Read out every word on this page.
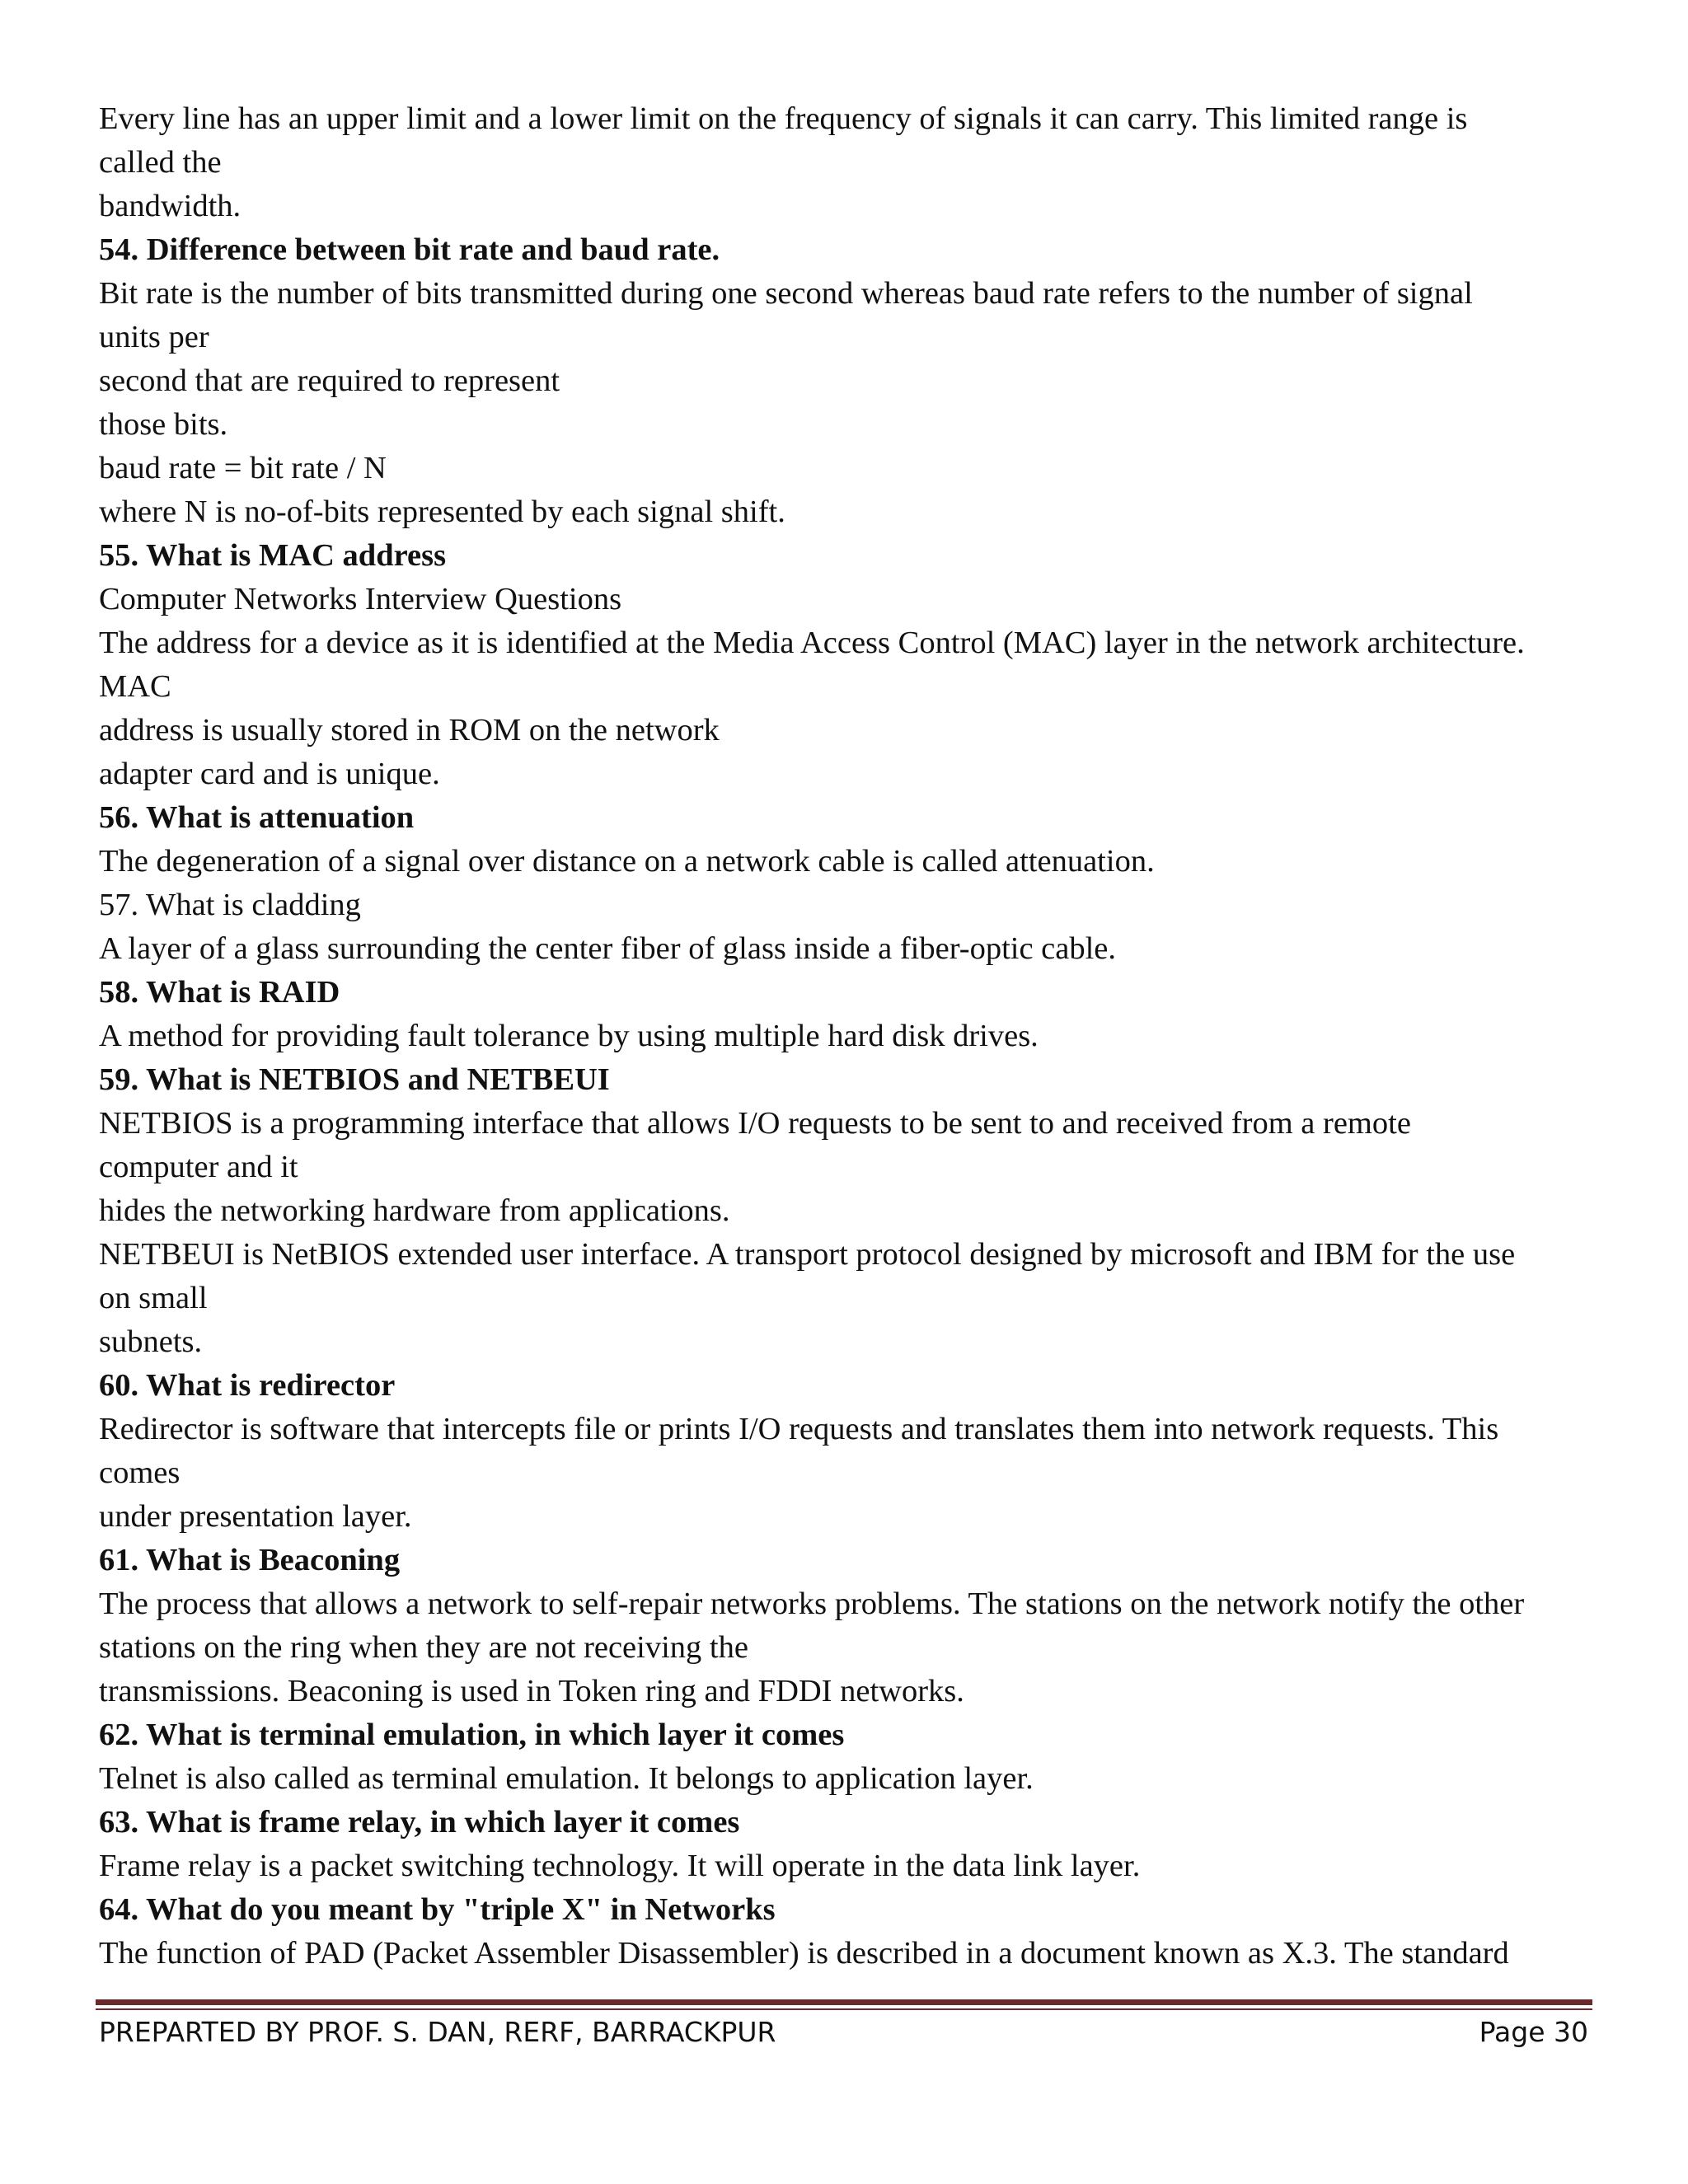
Every line has an upper limit and a lower limit on the frequency of signals it can carry. This limited range is
called the
bandwidth.
54. Difference between bit rate and baud rate.
Bit rate is the number of bits transmitted during one second whereas baud rate refers to the number of signal
units per
second that are required to represent
those bits.
baud rate = bit rate / N
where N is no-of-bits represented by each signal shift.
55. What is MAC address
Computer Networks Interview Questions
The address for a device as it is identified at the Media Access Control (MAC) layer in the network architecture.
MAC
address is usually stored in ROM on the network
adapter card and is unique.
56. What is attenuation
The degeneration of a signal over distance on a network cable is called attenuation.
57. What is cladding
A layer of a glass surrounding the center fiber of glass inside a fiber-optic cable.
58. What is RAID
A method for providing fault tolerance by using multiple hard disk drives.
59. What is NETBIOS and NETBEUI
NETBIOS is a programming interface that allows I/O requests to be sent to and received from a remote
computer and it
hides the networking hardware from applications.
NETBEUI is NetBIOS extended user interface. A transport protocol designed by microsoft and IBM for the use
on small
subnets.
60. What is redirector
Redirector is software that intercepts file or prints I/O requests and translates them into network requests. This
comes
under presentation layer.
61. What is Beaconing
The process that allows a network to self-repair networks problems. The stations on the network notify the other
stations on the ring when they are not receiving the
transmissions. Beaconing is used in Token ring and FDDI networks.
62. What is terminal emulation, in which layer it comes
Telnet is also called as terminal emulation. It belongs to application layer.
63. What is frame relay, in which layer it comes
Frame relay is a packet switching technology. It will operate in the data link layer.
64. What do you meant by "triple X" in Networks
The function of PAD (Packet Assembler Disassembler) is described in a document known as X.3. The standard
PREPARTED BY PROF. S. DAN, RERF, BARRACKPUR	Page 30
